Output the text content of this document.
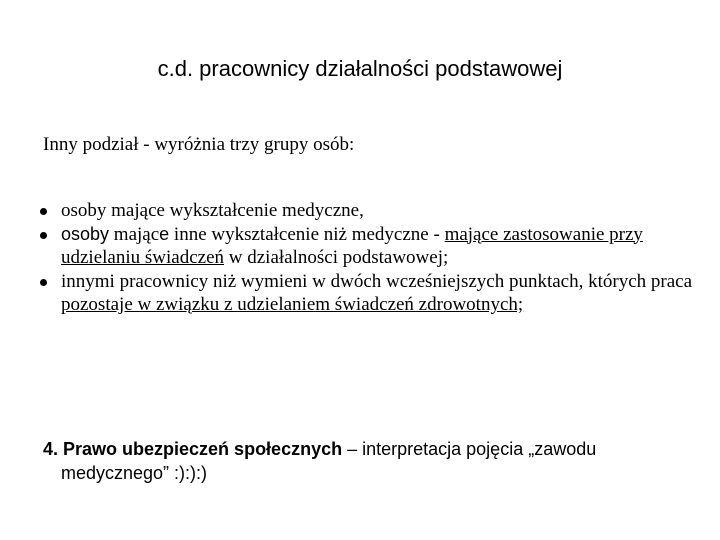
c.d. pracownicy działalności podstawowej
Inny podział - wyróżnia trzy grupy osób:
osoby mające wykształcenie medyczne,
osoby mające inne wykształcenie niż medyczne - mające zastosowanie przy udzielaniu świadczeń w działalności podstawowej;
innymi pracownicy niż wymieni w dwóch wcześniejszych punktach, których praca pozostaje w związku z udzielaniem świadczeń zdrowotnych;
4. Prawo ubezpieczeń społecznych – interpretacja pojęcia „zawodu
medycznego” :):):)
